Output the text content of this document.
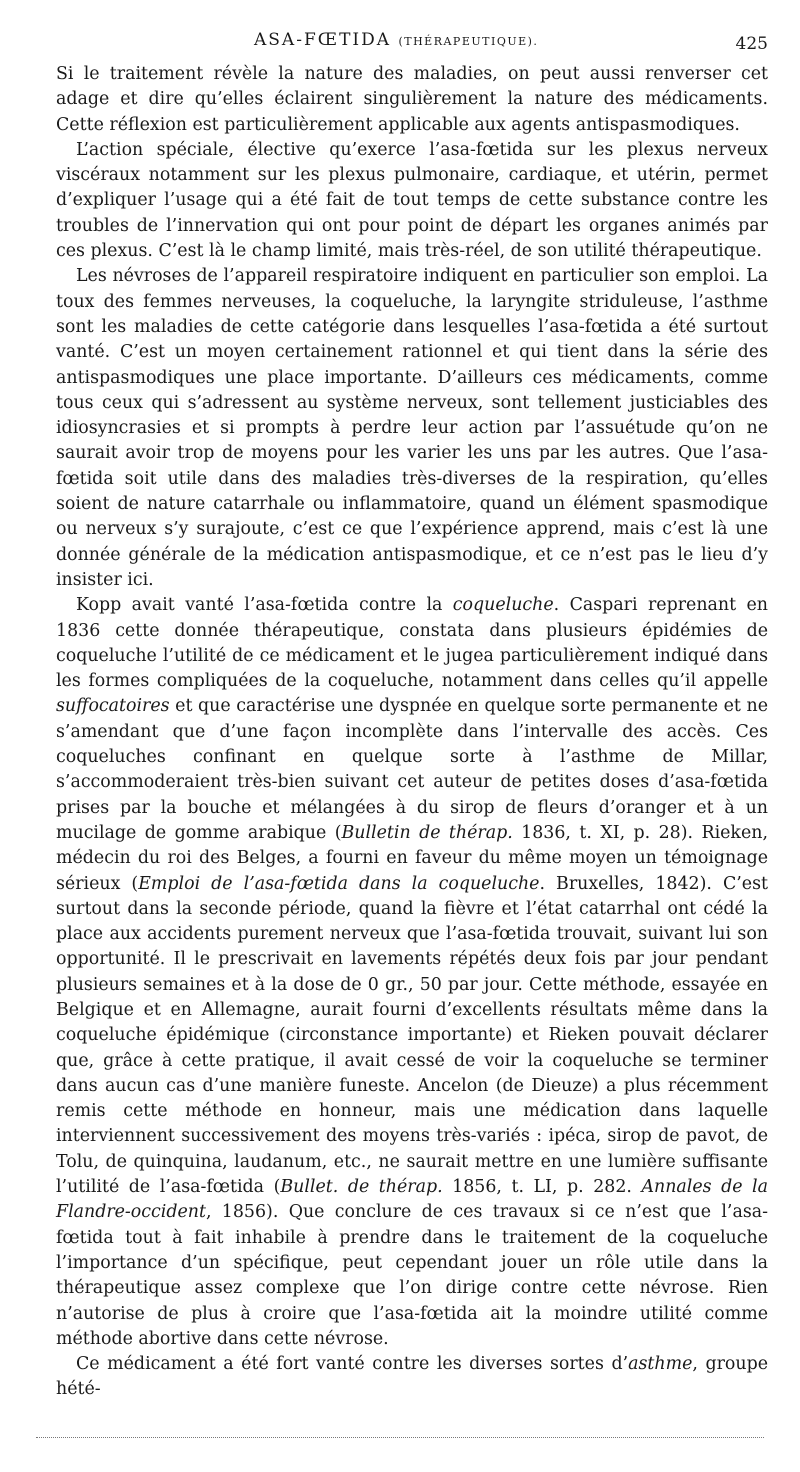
ASA-FŒTIDA (THÉRAPEUTIQUE).	425

Si le traitement révèle la nature des maladies, on peut aussi renverser cet adage et dire qu’elles éclairent singulièrement la nature des médicaments. Cette réflexion est particulièrement applicable aux agents antispasmodiques.

L’action spéciale, élective qu’exerce l’asa-fœtida sur les plexus nerveux viscéraux notamment sur les plexus pulmonaire, cardiaque, et utérin, permet d’expliquer l’usage qui a été fait de tout temps de cette substance contre les troubles de l’innervation qui ont pour point de départ les organes animés par ces plexus. C’est là le champ limité, mais très-réel, de son utilité thérapeutique.

Les névroses de l’appareil respiratoire indiquent en particulier son emploi. La toux des femmes nerveuses, la coqueluche, la laryngite striduleuse, l’asthme sont les maladies de cette catégorie dans lesquelles l’asa-fœtida a été surtout vanté. C’est un moyen certainement rationnel et qui tient dans la série des antispasmodiques une place importante. D’ailleurs ces médicaments, comme tous ceux qui s’adressent au système nerveux, sont tellement justiciables des idiosyncrasies et si prompts à perdre leur action par l’assuétude qu’on ne saurait avoir trop de moyens pour les varier les uns par les autres. Que l’asa-fœtida soit utile dans des maladies très-diverses de la respiration, qu’elles soient de nature catarrhale ou inflammatoire, quand un élément spasmodique ou nerveux s’y surajoute, c’est ce que l’expérience apprend, mais c’est là une donnée générale de la médication antispasmodique, et ce n’est pas le lieu d’y insister ici.

Kopp avait vanté l’asa-fœtida contre la coqueluche. Caspari reprenant en 1836 cette donnée thérapeutique, constata dans plusieurs épidémies de coqueluche l’utilité de ce médicament et le jugea particulièrement indiqué dans les formes compliquées de la coqueluche, notamment dans celles qu’il appelle suffocatoires et que caractérise une dyspnée en quelque sorte permanente et ne s’amendant que d’une façon incomplète dans l’intervalle des accès. Ces coqueluches confinant en quelque sorte à l’asthme de Millar, s’accommoderaient très-bien suivant cet auteur de petites doses d’asa-fœtida prises par la bouche et mélangées à du sirop de fleurs d’oranger et à un mucilage de gomme arabique (Bulletin de thérap. 1836, t. XI, p. 28). Rieken, médecin du roi des Belges, a fourni en faveur du même moyen un témoignage sérieux (Emploi de l’asa-fœtida dans la coqueluche. Bruxelles, 1842). C’est surtout dans la seconde période, quand la fièvre et l’état catarrhal ont cédé la place aux accidents purement nerveux que l’asa-fœtida trouvait, suivant lui son opportunité. Il le prescrivait en lavements répétés deux fois par jour pendant plusieurs semaines et à la dose de 0 gr., 50 par jour. Cette méthode, essayée en Belgique et en Allemagne, aurait fourni d’excellents résultats même dans la coqueluche épidémique (circonstance importante) et Rieken pouvait déclarer que, grâce à cette pratique, il avait cessé de voir la coqueluche se terminer dans aucun cas d’une manière funeste. Ancelon (de Dieuze) a plus récemment remis cette méthode en honneur, mais une médication dans laquelle interviennent successivement des moyens très-variés : ipéca, sirop de pavot, de Tolu, de quinquina, laudanum, etc., ne saurait mettre en une lumière suffisante l’utilité de l’asa-fœtida (Bullet. de thérap. 1856, t. LI, p. 282. Annales de la Flandre-occident, 1856). Que conclure de ces travaux si ce n’est que l’asa-fœtida tout à fait inhabile à prendre dans le traitement de la coqueluche l’importance d’un spécifique, peut cependant jouer un rôle utile dans la thérapeutique assez complexe que l’on dirige contre cette névrose. Rien n’autorise de plus à croire que l’asa-fœtida ait la moindre utilité comme méthode abortive dans cette névrose.

Ce médicament a été fort vanté contre les diverses sortes d’asthme, groupe hété-
